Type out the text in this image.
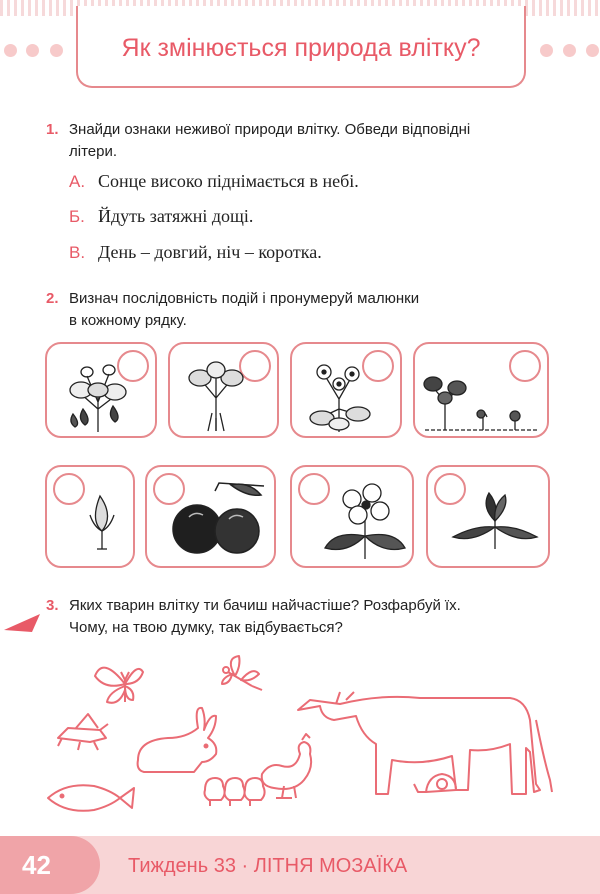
Як змінюється природа влітку?
1. Знайди ознаки неживої природи влітку. Обведи відповідні
літери.
А. Сонце високо піднімається в небі.
Б. Йдуть затяжні дощі.
В. День – довгий, ніч – коротка.
2. Визнач послідовність подій і пронумеруй малюнки
в кожному рядку.
3. Яких тварин влітку ти бачиш найчастіше? Розфарбуй їх.
Чому, на твою думку, так відбувається?
42	Тиждень 33 · ЛІТНЯ МОЗАЇКА
